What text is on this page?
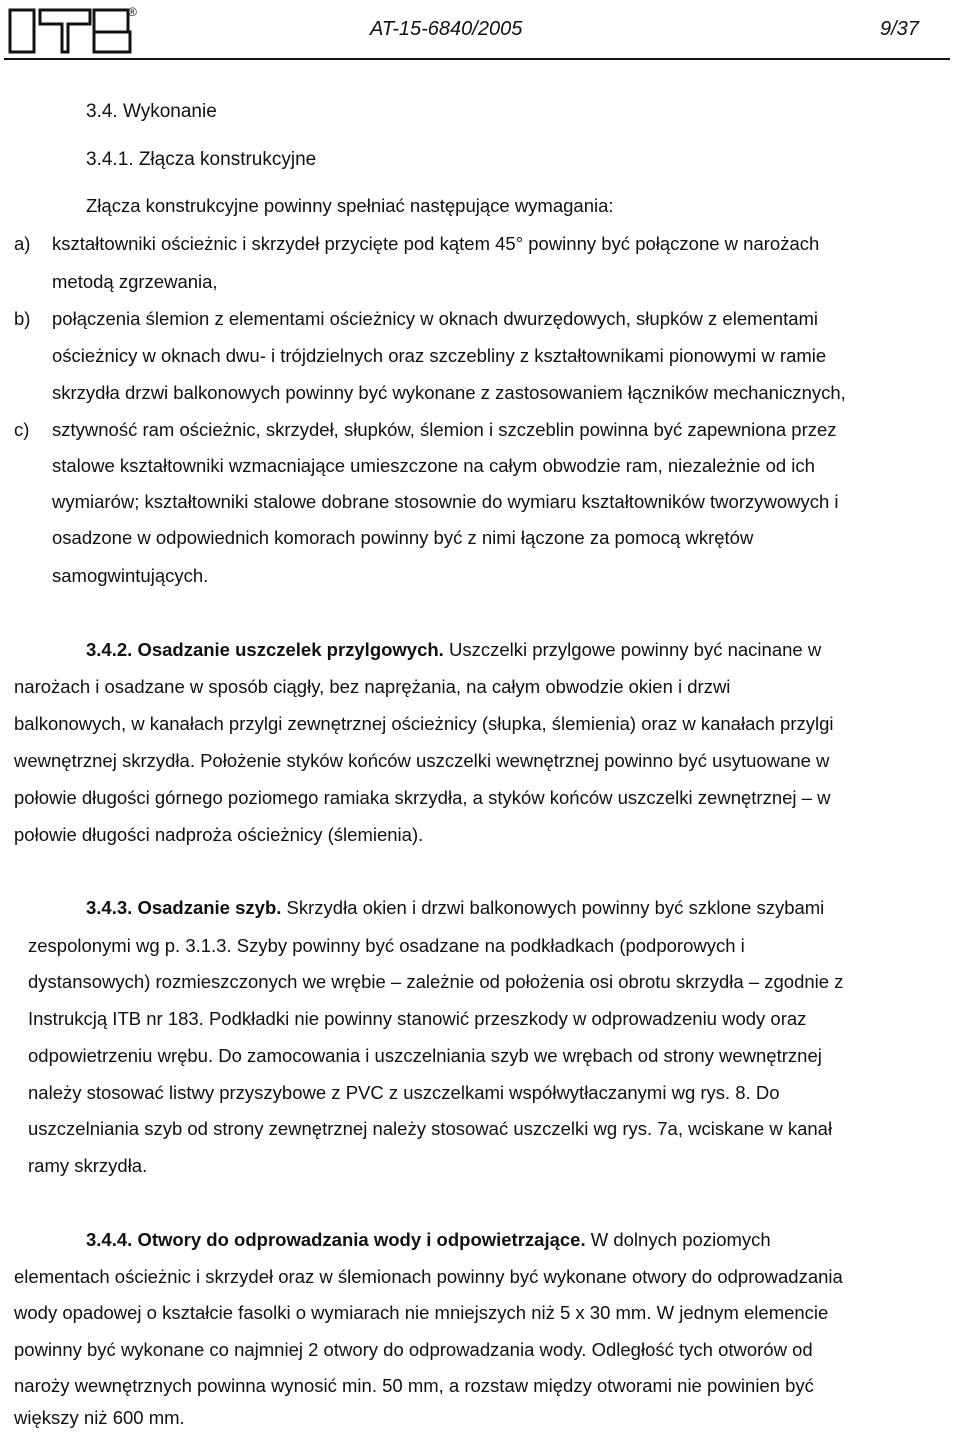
®
AT-15-6840/2005	9/37
3.4. Wykonanie
3.4.1. Złącza konstrukcyjne
Złącza konstrukcyjne powinny spełniać następujące wymagania:
a) kształtowniki ościeżnic i skrzydeł przycięte pod kątem 45° powinny być połączone w narożach
metodą zgrzewania,
b) połączenia ślemion z elementami ościeżnicy w oknach dwurzędowych, słupków z elementami
ościeżnicy w oknach dwu- i trójdzielnych oraz szczebliny z kształtownikami pionowymi w ramie
skrzydła drzwi balkonowych powinny być wykonane z zastosowaniem łączników mechanicznych,
c) sztywność ram ościeżnic, skrzydeł, słupków, ślemion i szczeblin powinna być zapewniona przez
stalowe kształtowniki wzmacniające umieszczone na całym obwodzie ram, niezależnie od ich
wymiarów; kształtowniki stalowe dobrane stosownie do wymiaru kształtowników tworzywowych i
osadzone w odpowiednich komorach powinny być z nimi łączone za pomocą wkrętów
samogwintujących.
3.4.2. Osadzanie uszczelek przylgowych. Uszczelki przylgowe powinny być nacinane w
narożach i osadzane w sposób ciągły, bez naprężania, na całym obwodzie okien i drzwi
balkonowych, w kanałach przylgi zewnętrznej ościeżnicy (słupka, ślemienia) oraz w kanałach przylgi
wewnętrznej skrzydła. Położenie styków końców uszczelki wewnętrznej powinno być usytuowane w
połowie długości górnego poziomego ramiaka skrzydła, a styków końców uszczelki zewnętrznej – w
połowie długości nadproża ościeżnicy (ślemienia).
3.4.3. Osadzanie szyb. Skrzydła okien i drzwi balkonowych powinny być szklone szybami
zespolonymi wg p. 3.1.3. Szyby powinny być osadzane na podkładkach (podporowych i
dystansowych) rozmieszczonych we wrębie – zależnie od położenia osi obrotu skrzydła – zgodnie z
Instrukcją ITB nr 183. Podkładki nie powinny stanowić przeszkody w odprowadzeniu wody oraz
odpowietrzeniu wrębu. Do zamocowania i uszczelniania szyb we wrębach od strony wewnętrznej
należy stosować listwy przyszybowe z PVC z uszczelkami współwytłaczanymi wg rys. 8. Do
uszczelniania szyb od strony zewnętrznej należy stosować uszczelki wg rys. 7a, wciskane w kanał
ramy skrzydła.
3.4.4. Otwory do odprowadzania wody i odpowietrzające. W dolnych poziomych
elementach ościeżnic i skrzydeł oraz w ślemionach powinny być wykonane otwory do odprowadzania
wody opadowej o kształcie fasolki o wymiarach nie mniejszych niż 5 x 30 mm. W jednym elemencie
powinny być wykonane co najmniej 2 otwory do odprowadzania wody. Odległość tych otworów od
naroży wewnętrznych powinna wynosić min. 50 mm, a rozstaw między otworami nie powinien być
większy niż 600 mm.
